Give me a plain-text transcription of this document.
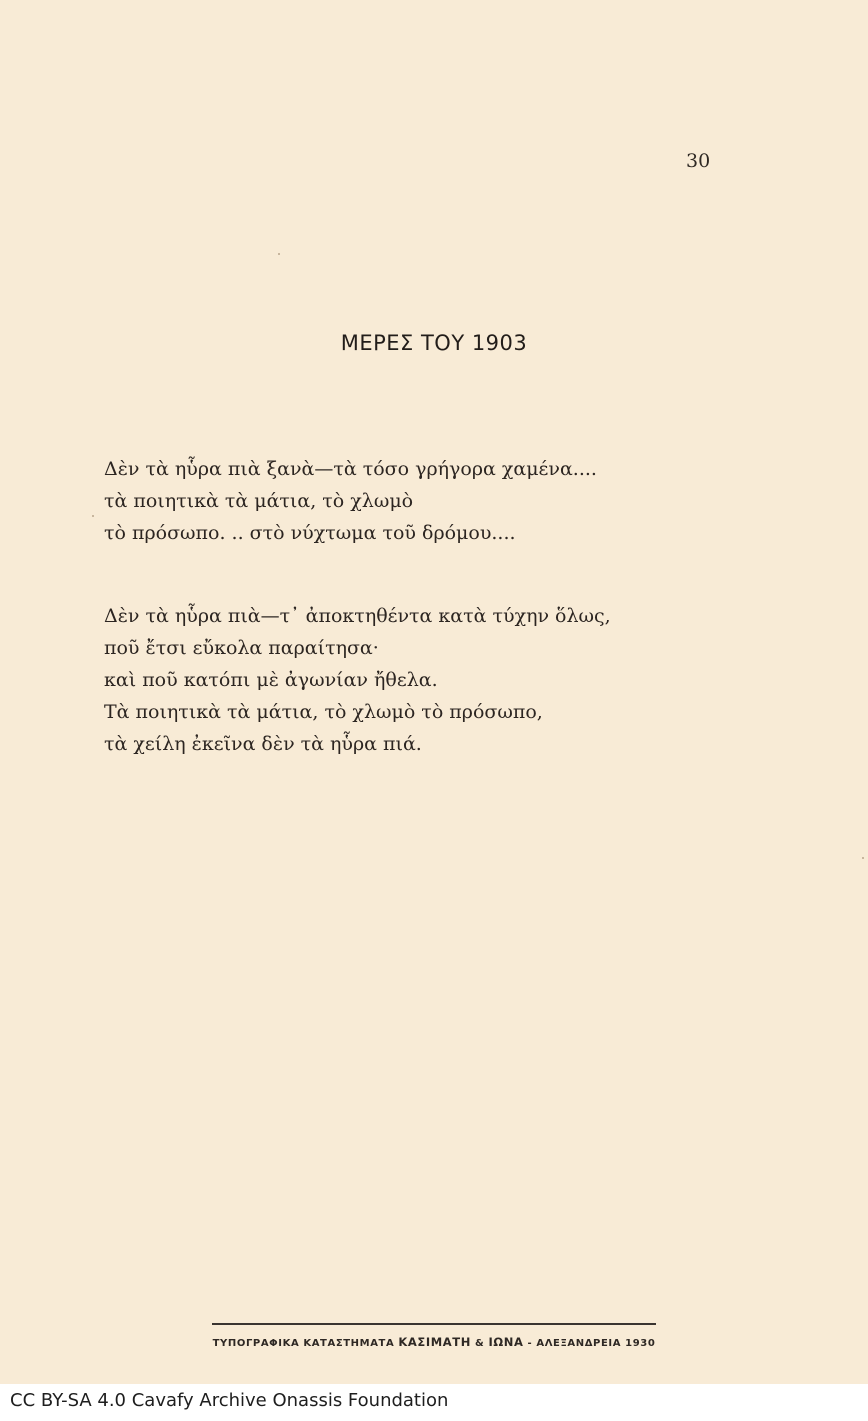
30
ΜΕΡΕΣ ΤΟΥ 1903
Δὲν τὰ ηὗρα πιὰ ξανὰ—τὰ τόσο γρήγορα χαμένα....
τὰ ποιητικὰ τὰ μάτια, τὸ χλωμὸ
τὸ πρόσωπο. .. στὸ νύχτωμα τοῦ δρόμου....
Δὲν τὰ ηὗρα πιὰ—τ᾿ ἀποκτηθέντα κατὰ τύχην ὅλως,
ποῦ ἔτσι εὔκολα παραίτησα·
καὶ ποῦ κατόπι μὲ ἀγωνίαν ἤθελα.
Τὰ ποιητικὰ τὰ μάτια, τὸ χλωμὸ τὸ πρόσωπο,
τὰ χείλη ἐκεῖνα δὲν τὰ ηὗρα πιά.
ΤΥΠΟΓΡΑΦΙΚΑ ΚΑΤΑΣΤΗΜΑΤΑ ΚΑΣΙΜΑΤΗ & ΙΩΝΑ - ΑΛΕΞΑΝΔΡΕΙΑ 1930
CC BY-SA 4.0 Cavafy Archive Onassis Foundation
